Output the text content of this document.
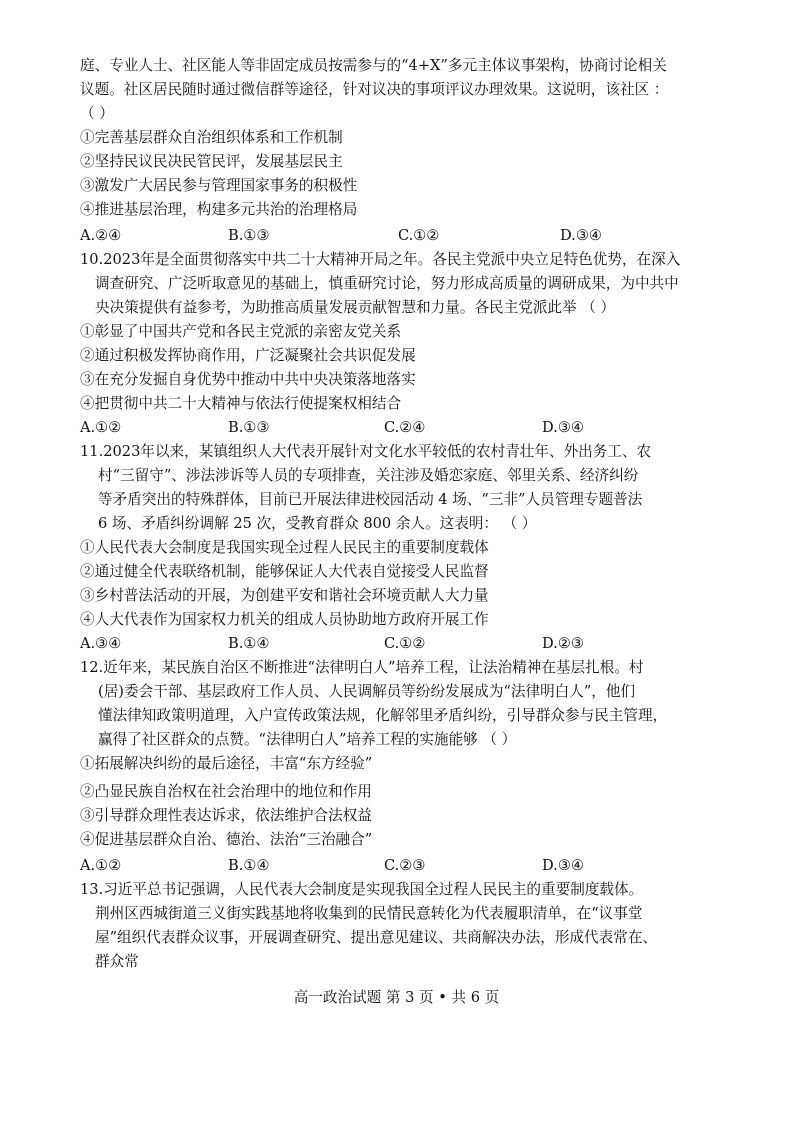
庭、专业人士、社区能人等非固定成员按需参与的“4+X”多元主体议事架构，协商讨论相关
议题。社区居民随时通过微信群等途径，针对议决的事项评议办理效果。这说明，该社区 ：
（ ）
①完善基层群众自治组织体系和工作机制
②坚持民议民决民管民评，发展基层民主
③激发广大居民参与管理国家事务的积极性
④推进基层治理，构建多元共治的治理格局
A.②④	B.①③	C.①②	D.③④
10.2023年是全面贯彻落实中共二十大精神开局之年。各民主党派中央立足特色优势，在深入
调查研究、广泛听取意见的基础上，慎重研究讨论，努力形成高质量的调研成果，为中共中
央决策提供有益参考，为助推高质量发展贡献智慧和力量。各民主党派此举 （ ）
①彰显了中国共产党和各民主党派的亲密友党关系
②通过积极发挥协商作用，广泛凝聚社会共识促发展
③在充分发掘自身优势中推动中共中央决策落地落实
④把贯彻中共二十大精神与依法行使提案权相结合
A.①②	B.①③	C.②④	D.③④
11.2023年以来，某镇组织人大代表开展针对文化水平较低的农村青壮年、外出务工、农
村“三留守”、涉法涉诉等人员的专项排查，关注涉及婚恋家庭、邻里关系、经济纠纷
等矛盾突出的特殊群体，目前已开展法律进校园活动 4 场、“三非”人员管理专题普法
6 场、矛盾纠纷调解 25 次，受教育群众 800 余人。这表明： （ ）
①人民代表大会制度是我国实现全过程人民民主的重要制度载体
②通过健全代表联络机制，能够保证人大代表自觉接受人民监督
③乡村普法活动的开展，为创建平安和谐社会环境贡献人大力量
④人大代表作为国家权力机关的组成人员协助地方政府开展工作
A.③④	B.①④	C.①②	D.②③
12.近年来，某民族自治区不断推进“法律明白人”培养工程，让法治精神在基层扎根。村
(居)委会干部、基层政府工作人员、人民调解员等纷纷发展成为“法律明白人”，他们
懂法律知政策明道理，入户宣传政策法规，化解邻里矛盾纠纷，引导群众参与民主管理，
赢得了社区群众的点赞。“法律明白人”培养工程的实施能够 （ ）
①拓展解决纠纷的最后途径，丰富“东方经验”
②凸显民族自治权在社会治理中的地位和作用
③引导群众理性表达诉求，依法维护合法权益
④促进基层群众自治、德治、法治“三治融合”
A.①②	B.①④	C.②③	D.③④
13.习近平总书记强调，人民代表大会制度是实现我国全过程人民民主的重要制度载体。
荆州区西城街道三义街实践基地将收集到的民情民意转化为代表履职清单，在“议事堂
屋”组织代表群众议事，开展调查研究、提出意见建议、共商解决办法，形成代表常在、
群众常
高一政治试题 第 3 页 • 共 6 页
